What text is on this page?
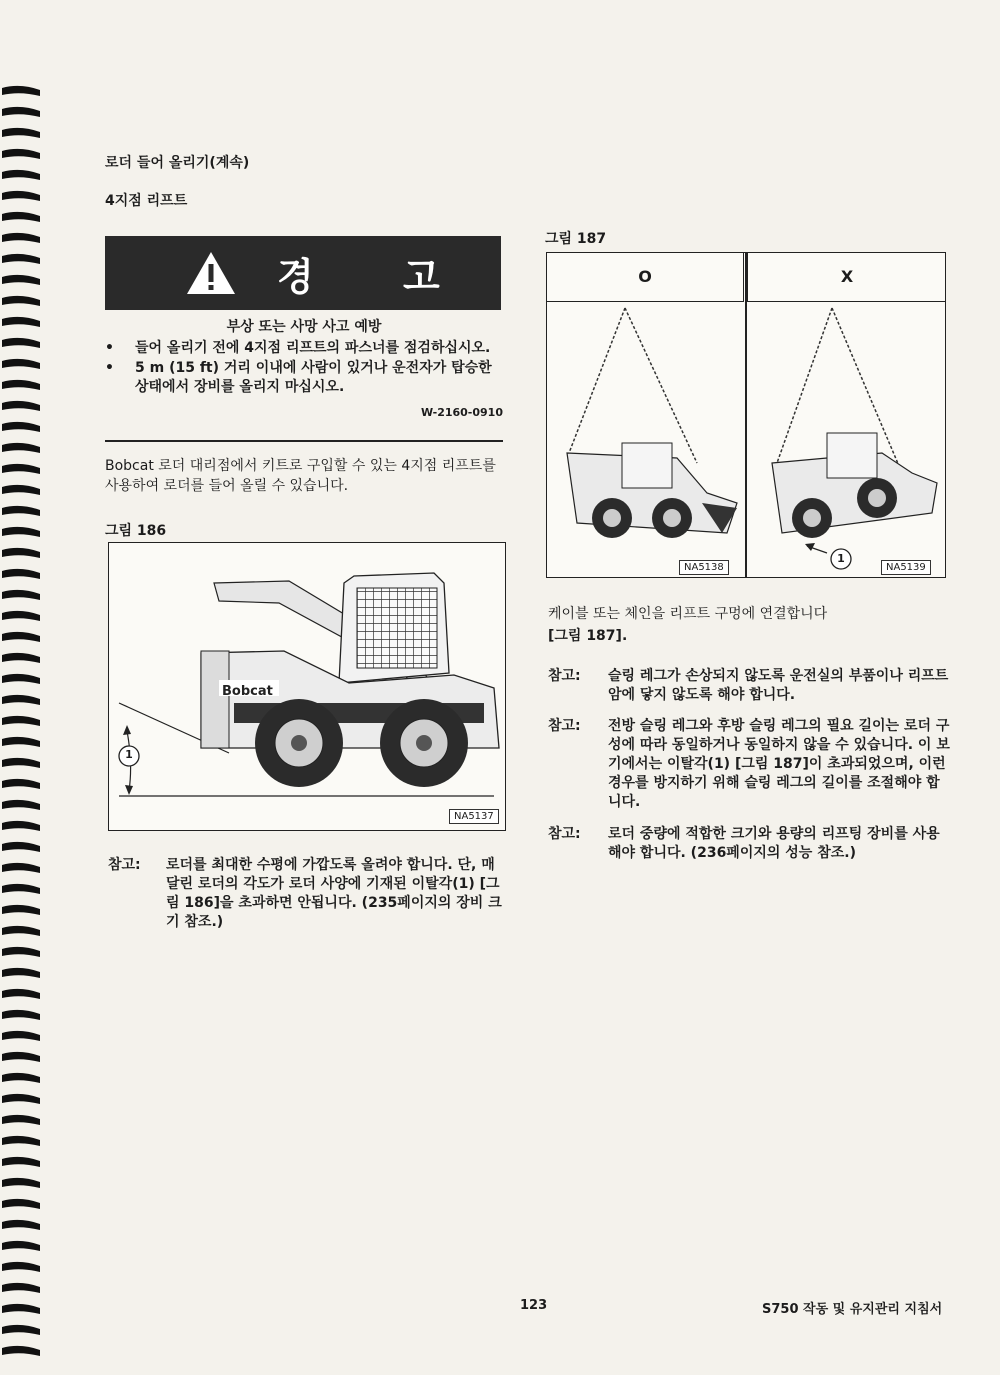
로더 들어 올리기(계속)
4지점 리프트
경 고
부상 또는 사망 사고 예방
• 들어 올리기 전에 4지점 리프트의 파스너를 점검하십시오.
• 5 m (15 ft) 거리 이내에 사람이 있거나 운전자가 탑승한 상태에서 장비를 올리지 마십시오.
W-2160-0910
Bobcat 로더 대리점에서 키트로 구입할 수 있는 4지점 리프트를 사용하여 로더를 들어 올릴 수 있습니다.
그림 186
Bobcat
1
NA5137
참고: 로더를 최대한 수평에 가깝도록 올려야 합니다. 단, 매달린 로더의 각도가 로더 사양에 기재된 이탈각(1) [그림 186]을 초과하면 안됩니다. (235페이지의 장비 크기 참조.)
그림 187
O	X
NA5138
1
NA5139
케이블 또는 체인을 리프트 구멍에 연결합니다
[그림 187].
참고: 슬링 레그가 손상되지 않도록 운전실의 부품이나 리프트 암에 닿지 않도록 해야 합니다.
참고: 전방 슬링 레그와 후방 슬링 레그의 필요 길이는 로더 구성에 따라 동일하거나 동일하지 않을 수 있습니다. 이 보기에서는 이탈각(1) [그림 187]이 초과되었으며, 이런 경우를 방지하기 위해 슬링 레그의 길이를 조절해야 합니다.
참고: 로더 중량에 적합한 크기와 용량의 리프팅 장비를 사용해야 합니다. (236페이지의 성능 참조.)
123	S750 작동 및 유지관리 지침서
